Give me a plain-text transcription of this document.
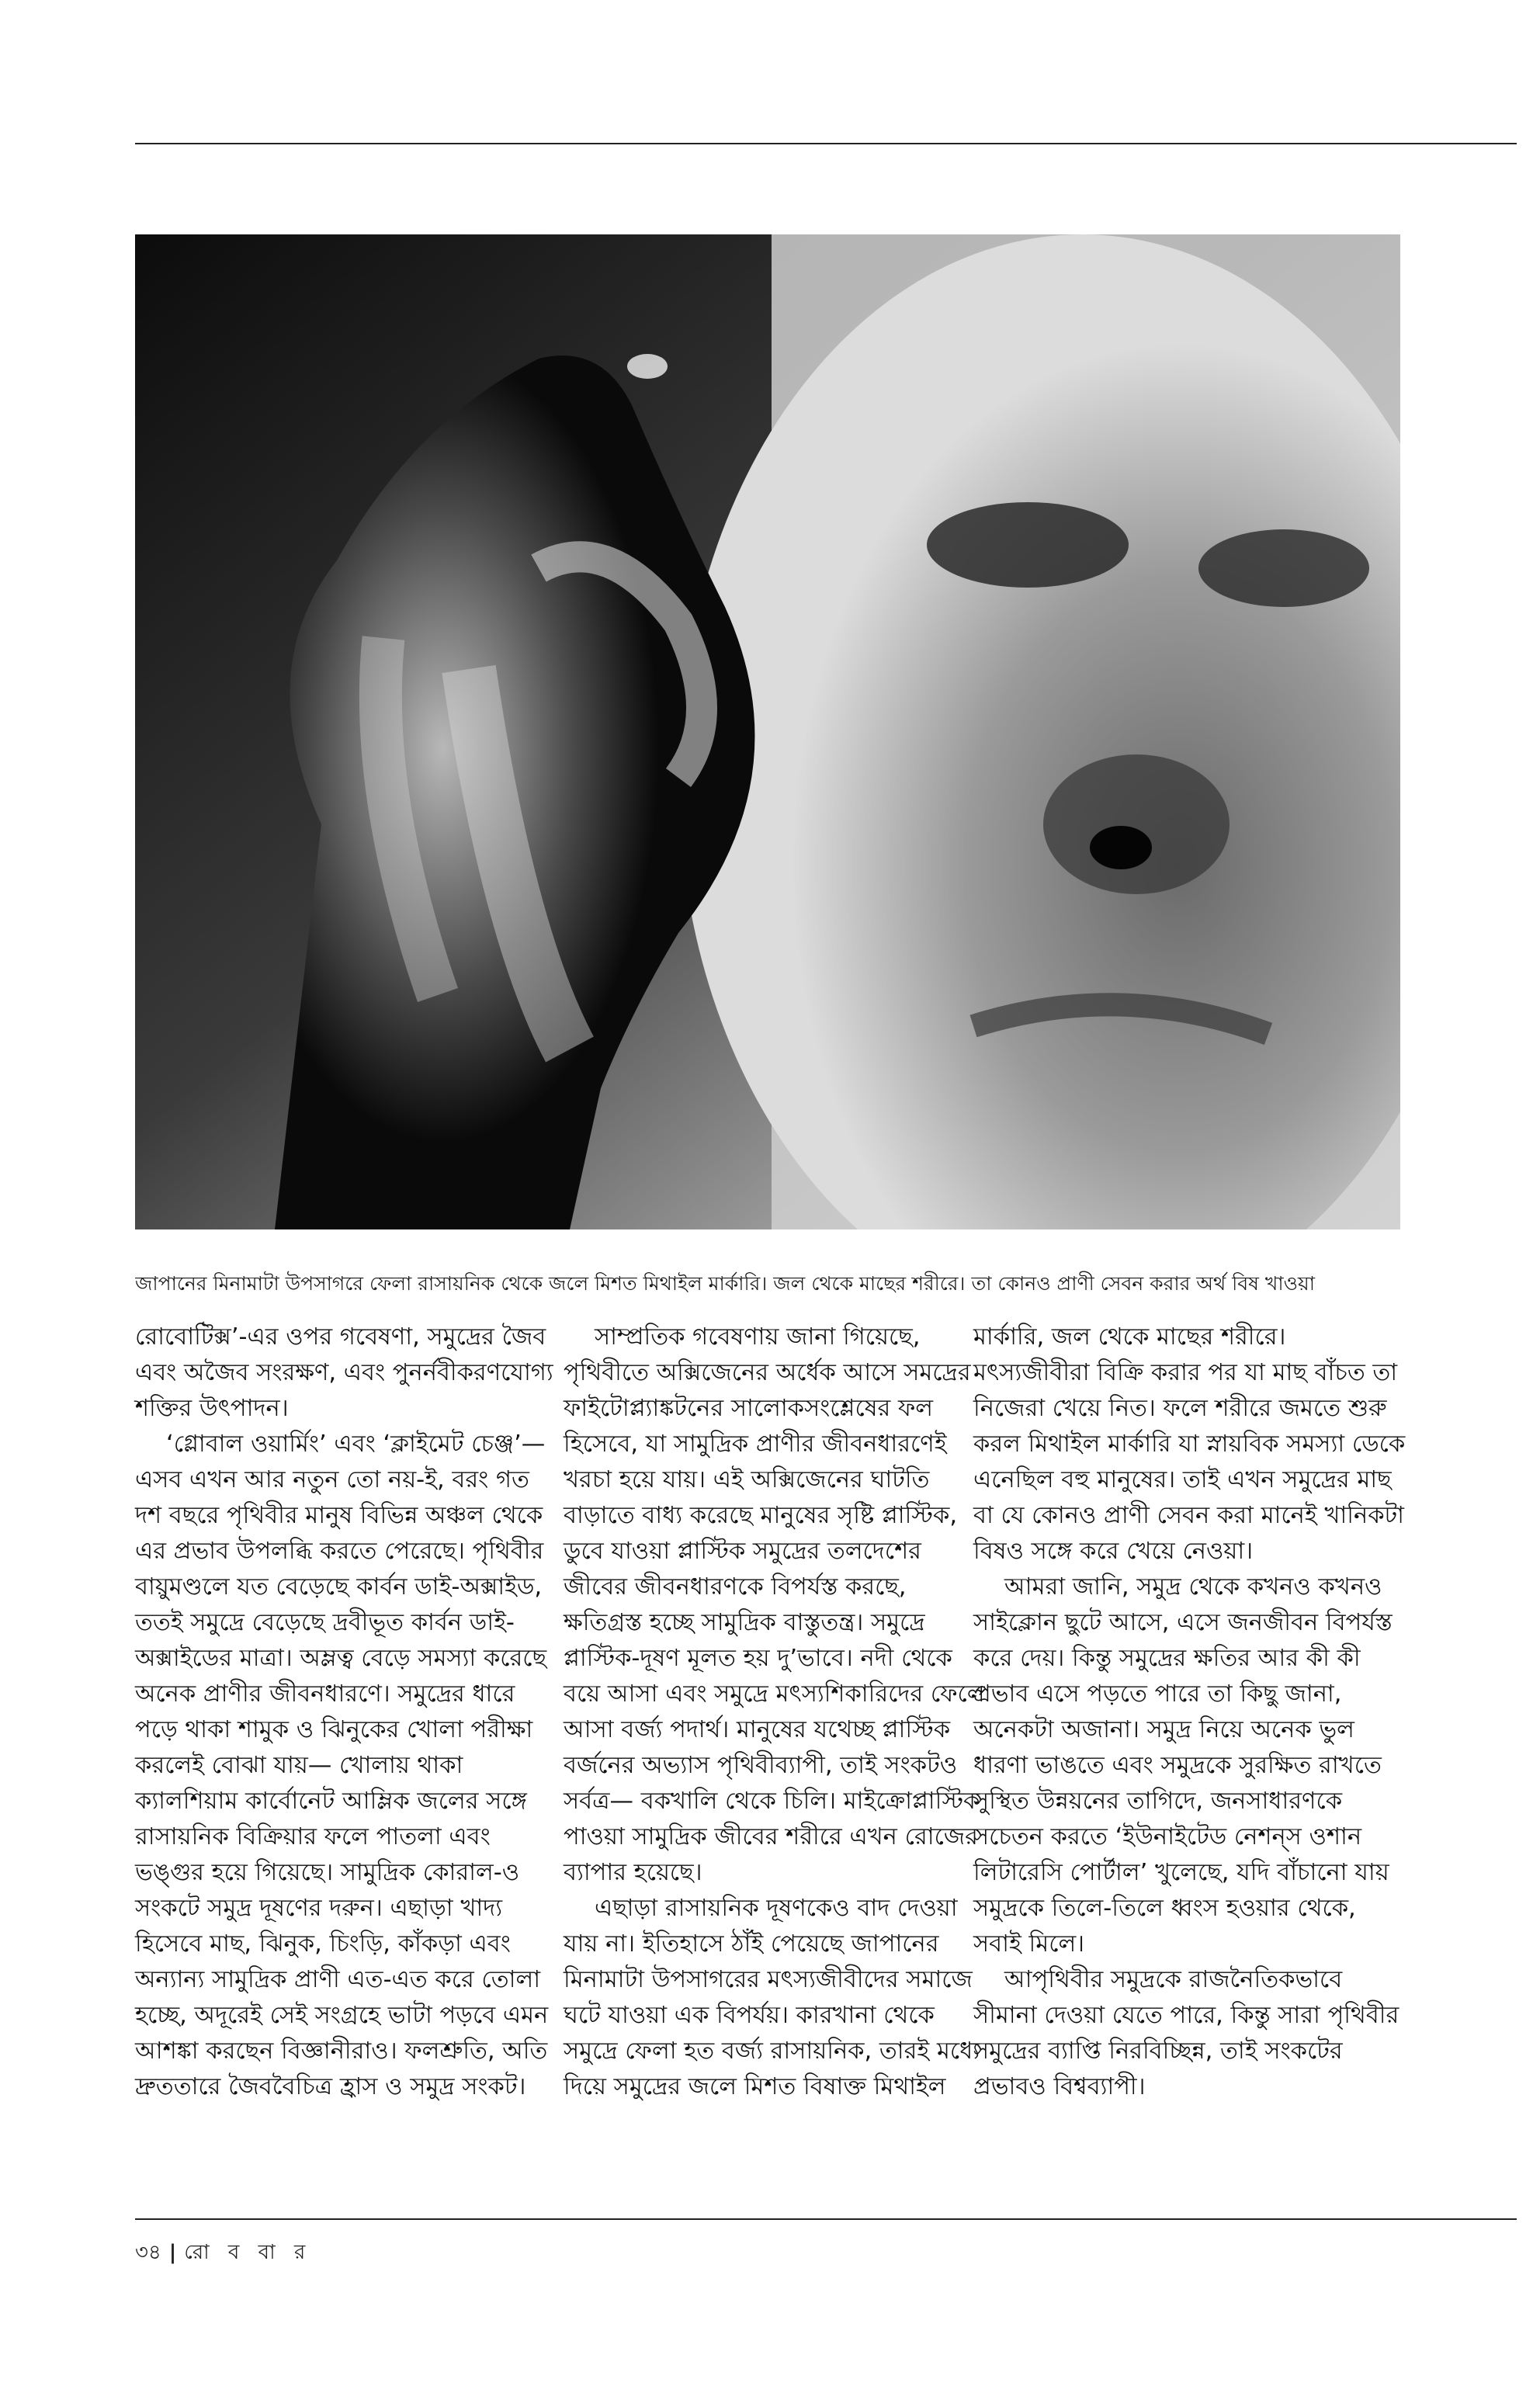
জাপানের মিনামাটা উপসাগরে ফেলা রাসায়নিক থেকে জলে মিশত মিথাইল মার্কারি। জল থেকে মাছের শরীরে। তা কোনও প্রাণী সেবন করার অর্থ বিষ খাওয়া

রোবোটিক্স’-এর ওপর গবেষণা, সমুদ্রের জৈব এবং অজৈব সংরক্ষণ, এবং পুনর্নবীকরণযোগ্য শক্তির উৎপাদন।

‘গ্লোবাল ওয়ার্মিং’ এবং ‘ক্লাইমেট চেঞ্জ’— এসব এখন আর নতুন তো নয়-ই, বরং গত দশ বছরে পৃথিবীর মানুষ বিভিন্ন অঞ্চল থেকে এর প্রভাব উপলব্ধি করতে পেরেছে। পৃথিবীর বায়ুমণ্ডলে যত বেড়েছে কার্বন ডাই-অক্সাইড, ততই সমুদ্রে বেড়েছে দ্রবীভূত কার্বন ডাই-অক্সাইডের মাত্রা। অম্লত্ব বেড়ে সমস্যা করেছে অনেক প্রাণীর জীবনধারণে। সমুদ্রের ধারে পড়ে থাকা শামুক ও ঝিনুকের খোলা পরীক্ষা করলেই বোঝা যায়— খোলায় থাকা ক্যালশিয়াম কার্বোনেট আম্লিক জলের সঙ্গে রাসায়নিক বিক্রিয়ার ফলে পাতলা এবং ভঙ্গুর হয়ে গিয়েছে। সামুদ্রিক কোরাল-ও সংকটে সমুদ্র দূষণের দরুন। এছাড়া খাদ্য হিসেবে মাছ, ঝিনুক, চিংড়ি, কাঁকড়া এবং অন্যান্য সামুদ্রিক প্রাণী এত-এত করে তোলা হচ্ছে, অদূরেই সেই সংগ্রহে ভাটা পড়বে এমন আশঙ্কা করছেন বিজ্ঞানীরাও। ফলশ্রুতি, অতি দ্রুততারে জৈববৈচিত্র হ্রাস ও সমুদ্র সংকট।

সাম্প্রতিক গবেষণায় জানা গিয়েছে, পৃথিবীতে অক্সিজেনের অর্ধেক আসে সমদ্রের ফাইটোপ্ল্যাঙ্কটনের সালোকসংশ্লেষের ফল হিসেবে, যা সামুদ্রিক প্রাণীর জীবনধারণেই খরচা হয়ে যায়। এই অক্সিজেনের ঘাটতি বাড়াতে বাধ্য করেছে মানুষের সৃষ্টি প্লাস্টিক, ডুবে যাওয়া প্লাস্টিক সমুদ্রের তলদেশের জীবের জীবনধারণকে বিপর্যস্ত করছে, ক্ষতিগ্রস্ত হচ্ছে সামুদ্রিক বাস্তুতন্ত্র। সমুদ্রে প্লাস্টিক-দূষণ মূলত হয় দু’ভাবে। নদী থেকে বয়ে আসা এবং সমুদ্রে মৎস্যশিকারিদের ফেলে আসা বর্জ্য পদার্থ। মানুষের যথেচ্ছ প্লাস্টিক বর্জনের অভ্যাস পৃথিবীব্যাপী, তাই সংকটও সর্বত্র— বকখালি থেকে চিলি। মাইক্রোপ্লাস্টিক পাওয়া সামুদ্রিক জীবের শরীরে এখন রোজের ব্যাপার হয়েছে।

এছাড়া রাসায়নিক দূষণকেও বাদ দেওয়া যায় না। ইতিহাসে ঠাঁই পেয়েছে জাপানের মিনামাটা উপসাগরের মৎস্যজীবীদের সমাজে ঘটে যাওয়া এক বিপর্যয়। কারখানা থেকে সমুদ্রে ফেলা হত বর্জ্য রাসায়নিক, তারই মধ্যে দিয়ে সমুদ্রের জলে মিশত বিষাক্ত মিথাইল

মার্কারি, জল থেকে মাছের শরীরে। মৎস্যজীবীরা বিক্রি করার পর যা মাছ বাঁচত তা নিজেরা খেয়ে নিত। ফলে শরীরে জমতে শুরু করল মিথাইল মার্কারি যা স্নায়বিক সমস্যা ডেকে এনেছিল বহু মানুষের। তাই এখন সমুদ্রের মাছ বা যে কোনও প্রাণী সেবন করা মানেই খানিকটা বিষও সঙ্গে করে খেয়ে নেওয়া।

আমরা জানি, সমুদ্র থেকে কখনও কখনও সাইক্লোন ছুটে আসে, এসে জনজীবন বিপর্যস্ত করে দেয়। কিন্তু সমুদ্রের ক্ষতির আর কী কী প্রভাব এসে পড়তে পারে তা কিছু জানা, অনেকটা অজানা। সমুদ্র নিয়ে অনেক ভুল ধারণা ভাঙতে এবং সমুদ্রকে সুরক্ষিত রাখতে সুস্থিত উন্নয়নের তাগিদে, জনসাধারণকে সচেতন করতে ‘ইউনাইটেড নেশন্‌স ওশান লিটারেসি পোর্টাল’ খুলেছে, যদি বাঁচানো যায় সমুদ্রকে তিলে-তিলে ধ্বংস হওয়ার থেকে, সবাই মিলে।

আপৃথিবীর সমুদ্রকে রাজনৈতিকভাবে সীমানা দেওয়া যেতে পারে, কিন্তু সারা পৃথিবীর সমুদ্রের ব্যাপ্তি নিরবিচ্ছিন্ন, তাই সংকটের প্রভাবও বিশ্বব্যাপী।

৩৪ | রো ব বা র
